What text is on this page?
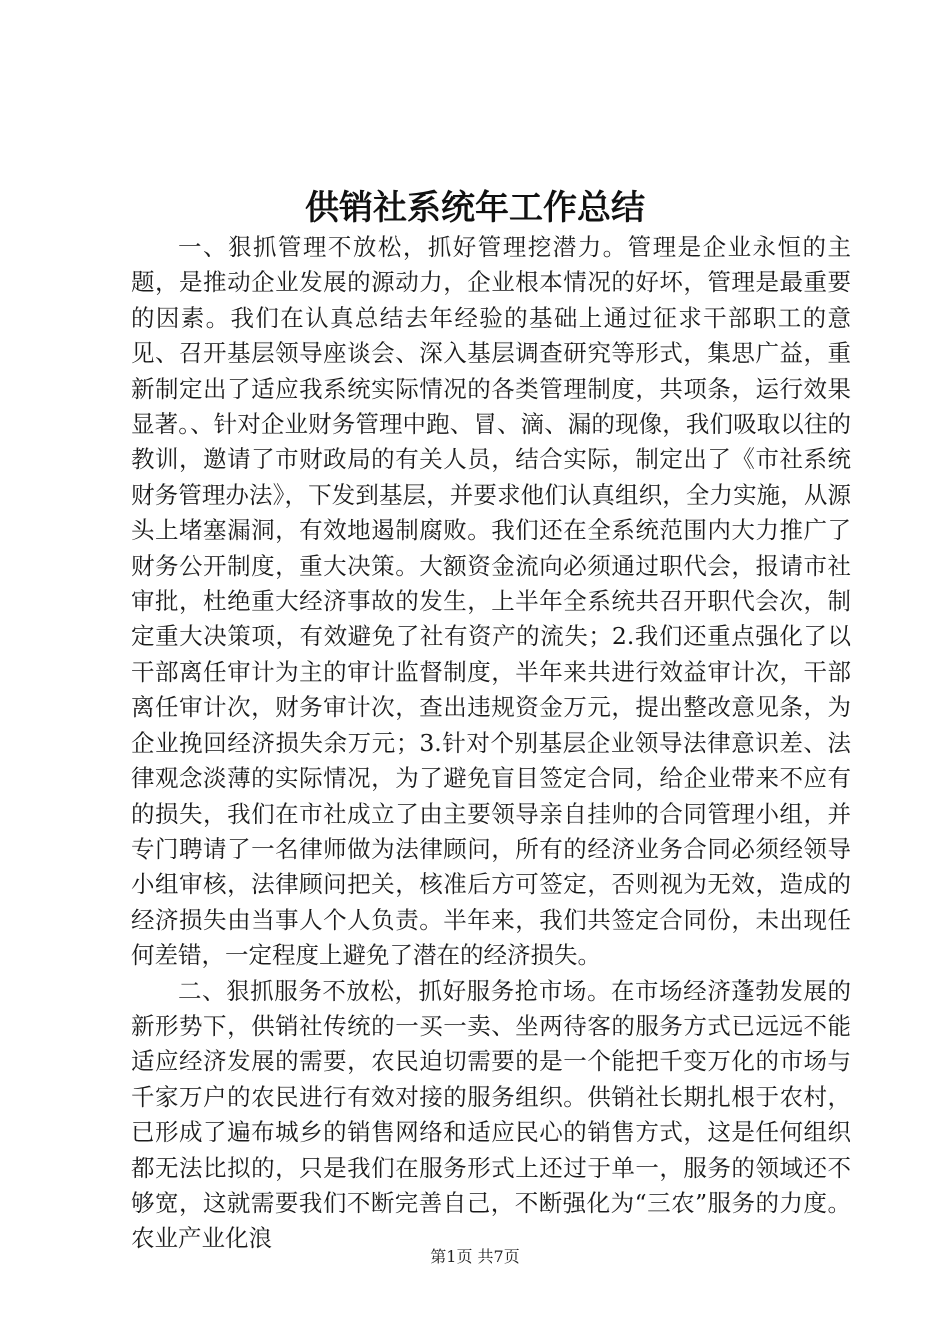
供销社系统年工作总结

一、狠抓管理不放松，抓好管理挖潜力。管理是企业永恒的主题，是推动企业发展的源动力，企业根本情况的好坏，管理是最重要的因素。我们在认真总结去年经验的基础上通过征求干部职工的意见、召开基层领导座谈会、深入基层调查研究等形式，集思广益，重新制定出了适应我系统实际情况的各类管理制度，共项条，运行效果显著。、针对企业财务管理中跑、冒、滴、漏的现像，我们吸取以往的教训，邀请了市财政局的有关人员，结合实际，制定出了《市社系统财务管理办法》，下发到基层，并要求他们认真组织，全力实施，从源头上堵塞漏洞，有效地遏制腐败。我们还在全系统范围内大力推广了财务公开制度，重大决策。大额资金流向必须通过职代会，报请市社审批，杜绝重大经济事故的发生，上半年全系统共召开职代会次，制定重大决策项，有效避免了社有资产的流失；2.我们还重点强化了以干部离任审计为主的审计监督制度，半年来共进行效益审计次，干部离任审计次，财务审计次，查出违规资金万元，提出整改意见条，为企业挽回经济损失余万元；3.针对个别基层企业领导法律意识差、法律观念淡薄的实际情况，为了避免盲目签定合同，给企业带来不应有的损失，我们在市社成立了由主要领导亲自挂帅的合同管理小组，并专门聘请了一名律师做为法律顾问，所有的经济业务合同必须经领导小组审核，法律顾问把关，核准后方可签定，否则视为无效，造成的经济损失由当事人个人负责。半年来，我们共签定合同份，未出现任何差错，一定程度上避免了潜在的经济损失。

二、狠抓服务不放松，抓好服务抢市场。在市场经济蓬勃发展的新形势下，供销社传统的一买一卖、坐两待客的服务方式已远远不能适应经济发展的需要，农民迫切需要的是一个能把千变万化的市场与千家万户的农民进行有效对接的服务组织。供销社长期扎根于农村，已形成了遍布城乡的销售网络和适应民心的销售方式，这是任何组织都无法比拟的，只是我们在服务形式上还过于单一，服务的领域还不够宽，这就需要我们不断完善自己，不断强化为“三农”服务的力度。农业产业化浪

第1页 共7页
